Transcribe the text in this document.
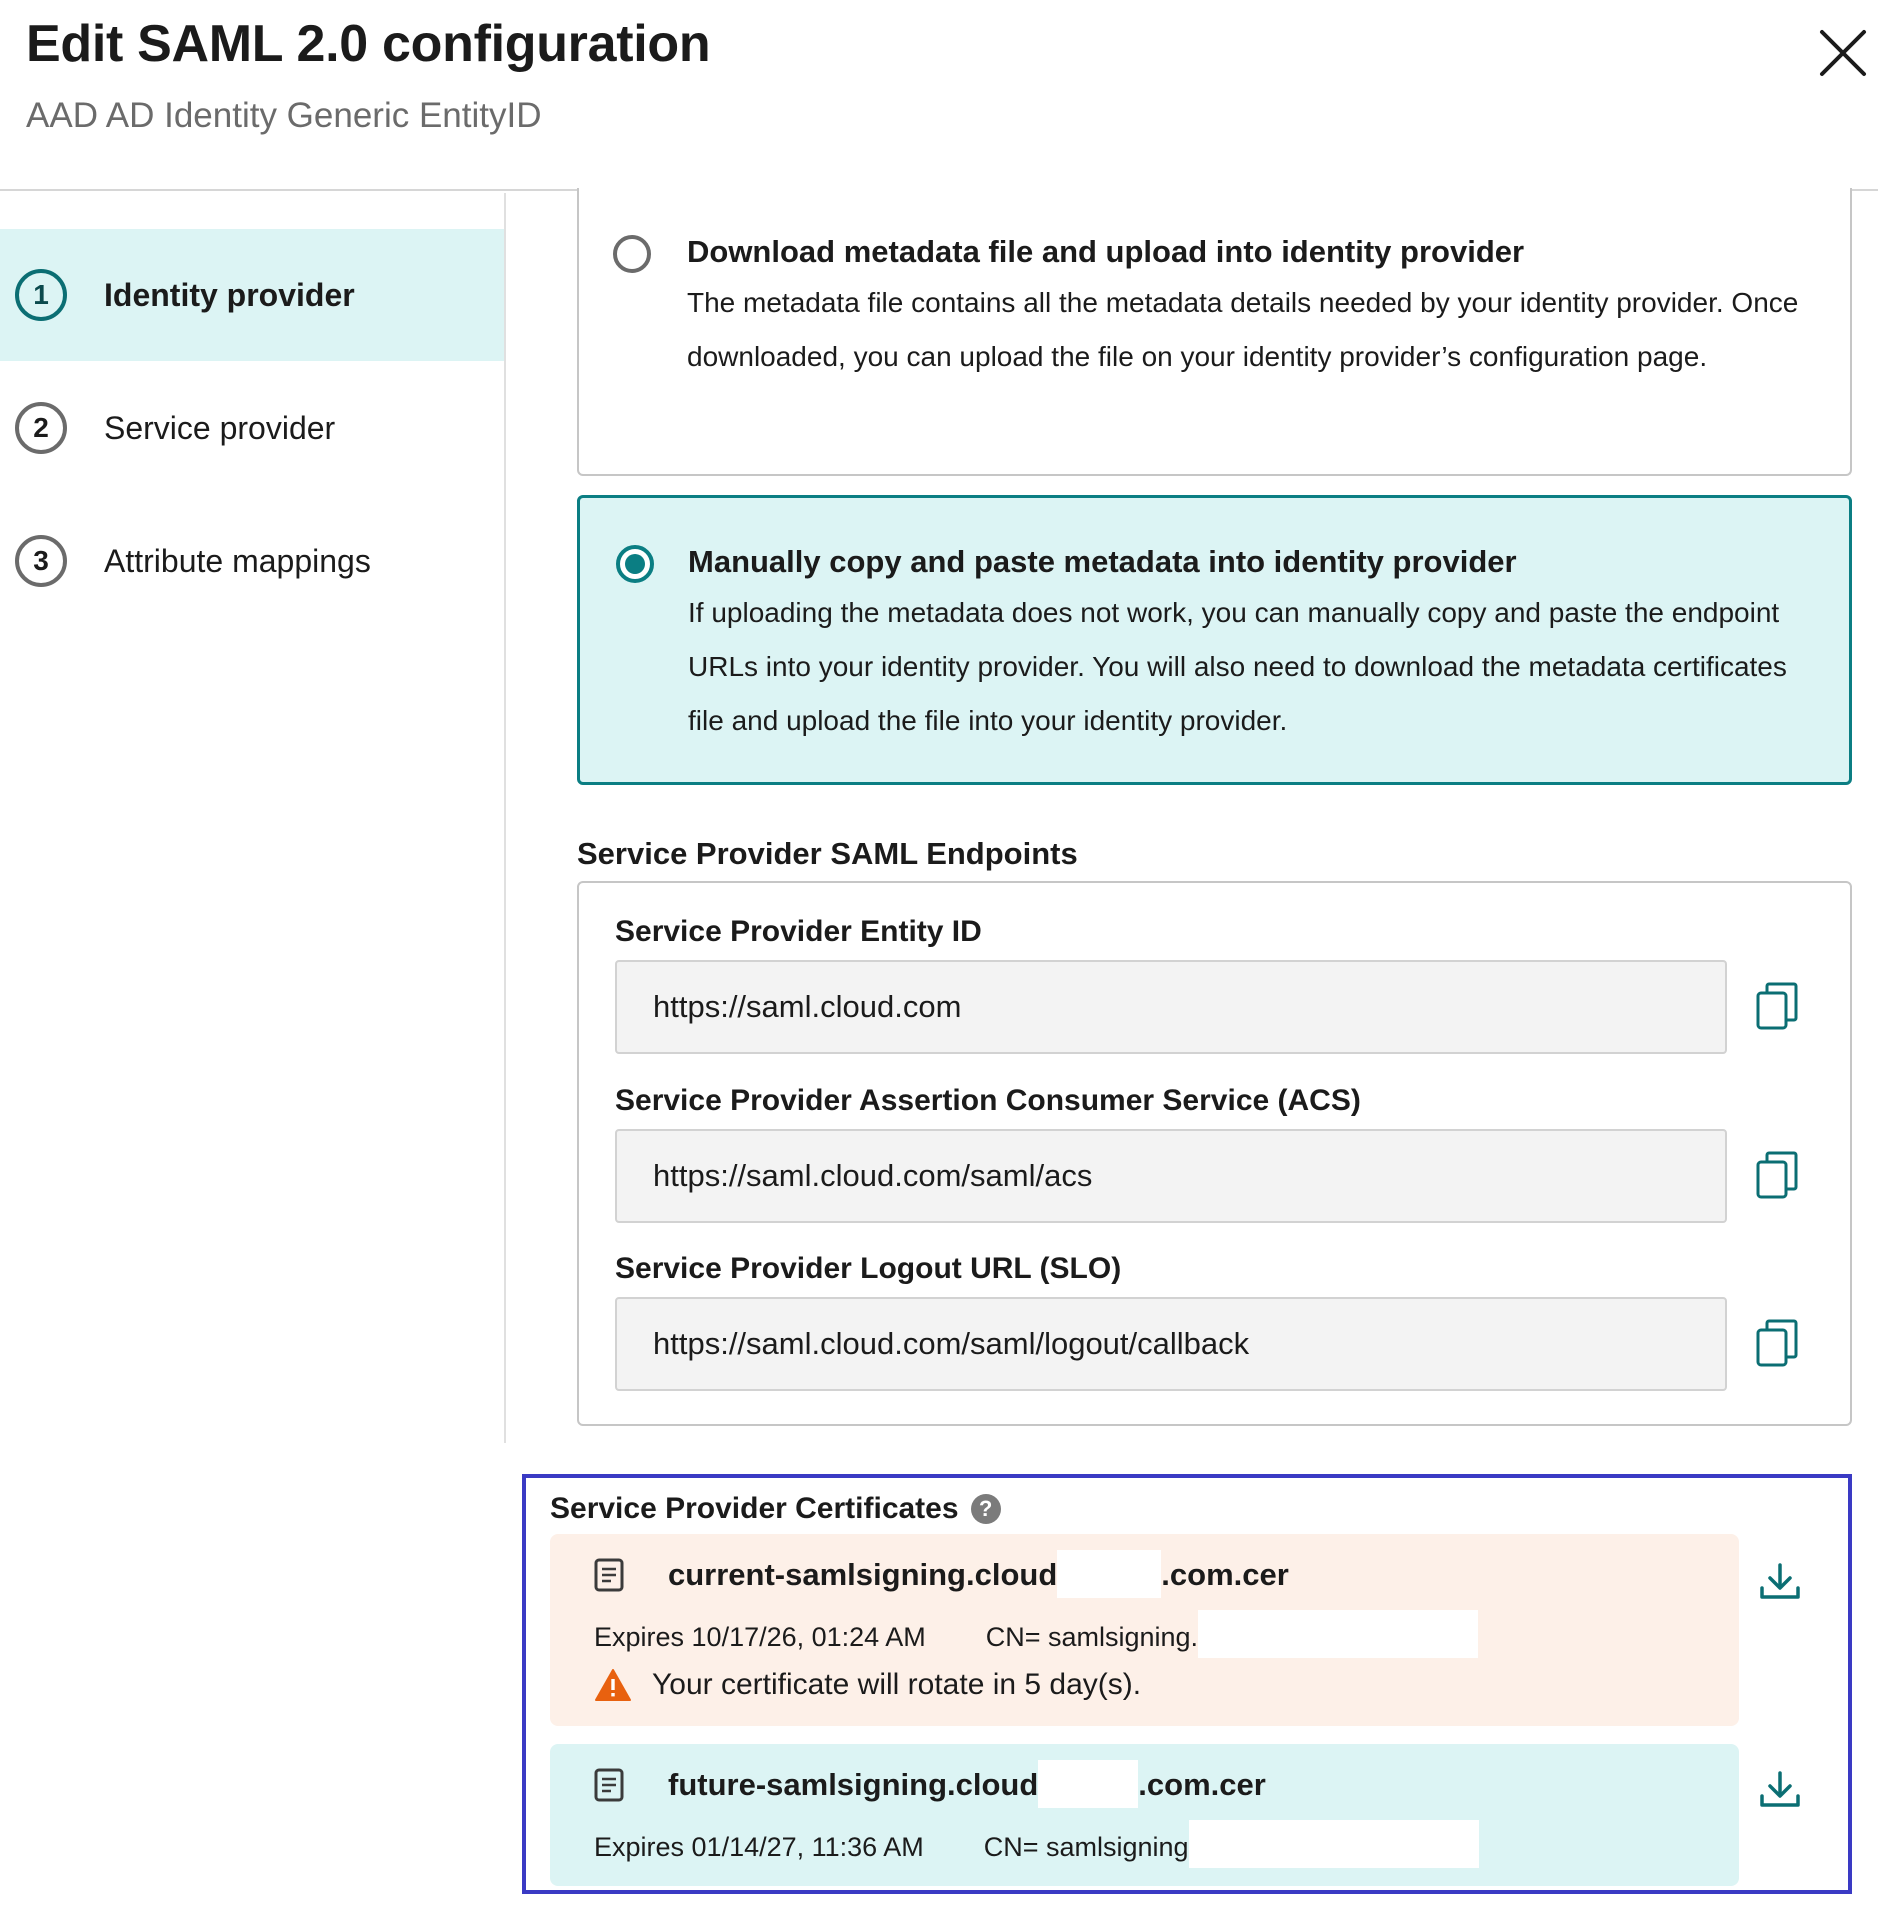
Edit SAML 2.0 configuration
AAD AD Identity Generic EntityID
1	Identity provider
2	Service provider
3	Attribute mappings
Download metadata file and upload into identity provider
The metadata file contains all the metadata details needed by your identity provider. Once downloaded, you can upload the file on your identity provider’s configuration page.
Manually copy and paste metadata into identity provider
If uploading the metadata does not work, you can manually copy and paste the endpoint URLs into your identity provider. You will also need to download the metadata certificates file and upload the file into your identity provider.
Service Provider SAML Endpoints
Service Provider Entity ID
https://saml.cloud.com
Service Provider Assertion Consumer Service (ACS)
https://saml.cloud.com/saml/acs
Service Provider Logout URL (SLO)
https://saml.cloud.com/saml/logout/callback
Service Provider Certificates ?
current-samlsigning.cloud	.com.cer
Expires 10/17/26, 01:24 AM CN= samlsigning.
Your certificate will rotate in 5 day(s).
future-samlsigning.cloud	.com.cer
Expires 01/14/27, 11:36 AM CN= samlsigning
